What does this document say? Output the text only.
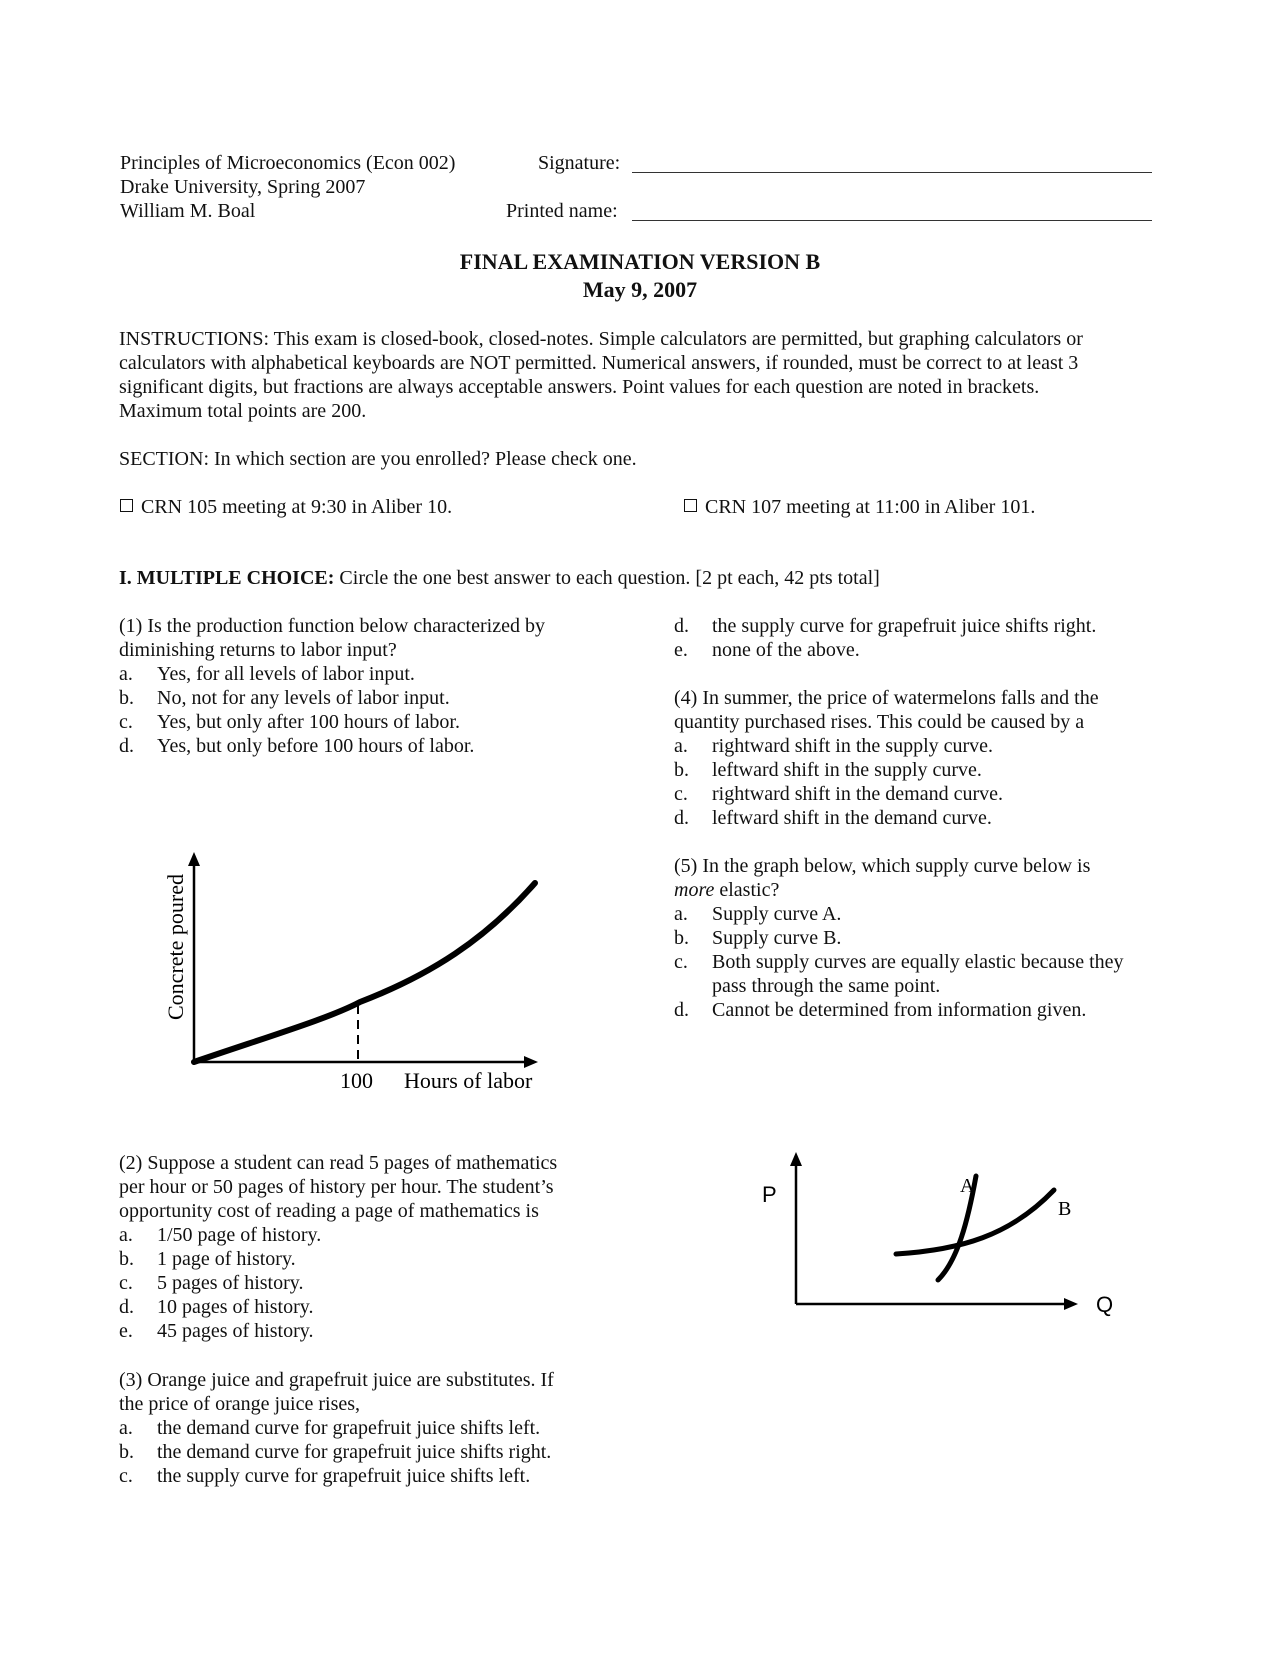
Principles of Microeconomics (Econ 002)
Drake University, Spring 2007
William M. Boal
Signature:
Printed name:
FINAL EXAMINATION VERSION B
May 9, 2007
INSTRUCTIONS: This exam is closed-book, closed-notes. Simple calculators are permitted, but graphing calculators or
calculators with alphabetical keyboards are NOT permitted. Numerical answers, if rounded, must be correct to at least 3
significant digits, but fractions are always acceptable answers. Point values for each question are noted in brackets.
Maximum total points are 200.
SECTION: In which section are you enrolled? Please check one.
CRN 105 meeting at 9:30 in Aliber 10.	CRN 107 meeting at 11:00 in Aliber 101.
I. MULTIPLE CHOICE: Circle the one best answer to each question. [2 pt each, 42 pts total]
(1) Is the production function below characterized by
diminishing returns to labor input?
a. Yes, for all levels of labor input.
b. No, not for any levels of labor input.
c. Yes, but only after 100 hours of labor.
d. Yes, but only before 100 hours of labor.
100 Hours of labor
Concrete poured
(2) Suppose a student can read 5 pages of mathematics
per hour or 50 pages of history per hour. The student’s
opportunity cost of reading a page of mathematics is
a. 1/50 page of history.
b. 1 page of history.
c. 5 pages of history.
d. 10 pages of history.
e. 45 pages of history.
(3) Orange juice and grapefruit juice are substitutes. If
the price of orange juice rises,
a. the demand curve for grapefruit juice shifts left.
b. the demand curve for grapefruit juice shifts right.
c. the supply curve for grapefruit juice shifts left.
d. the supply curve for grapefruit juice shifts right.
e. none of the above.
(4) In summer, the price of watermelons falls and the
quantity purchased rises. This could be caused by a
a. rightward shift in the supply curve.
b. leftward shift in the supply curve.
c. rightward shift in the demand curve.
d. leftward shift in the demand curve.
(5) In the graph below, which supply curve below is
more elastic?
a. Supply curve A.
b. Supply curve B.
c. Both supply curves are equally elastic because they
pass through the same point.
d. Cannot be determined from information given.
P
Q
A
B
